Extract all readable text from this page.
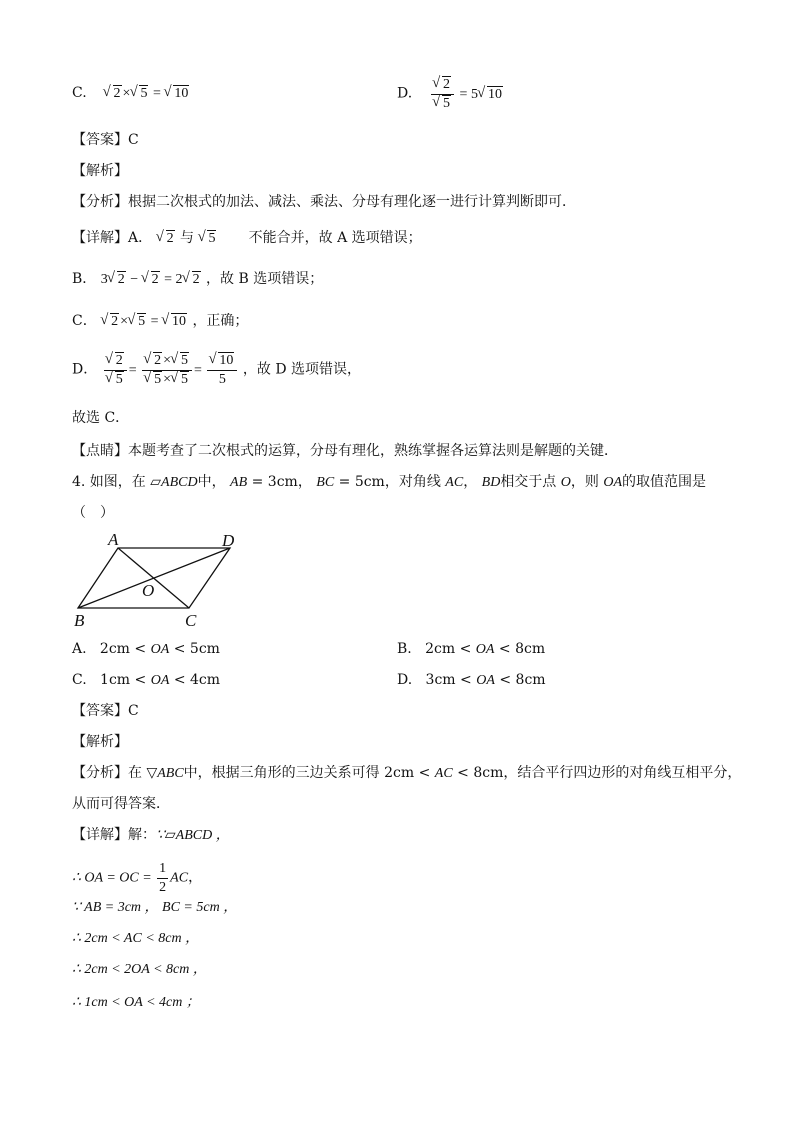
C. √ 2 × √ 5 = √ 10	D. √ 2
√ 5 = 5 √ 10
【答案】C
【解析】
【分析】根据二次根式的加法、减法、乘法、分母有理化逐一进行计算判断即可．
【详解】A． √ 2 与 √ 5 不能合并，故 A 选项错误；
B． 3 √ 2 − √ 2 = 2 √ 2 ，故 B 选项错误；
C． √ 2 × √ 5 = √ 10 ，正确；
D． √ 2
√ 5 = √ 2 × √ 5
√ 5 × √ 5 = √ $\frac{10}{5}$ ，故 D 选项错误，
故选 C．
【点睛】本题考查了二次根式的运算，分母有理化，熟练掌握各运算法则是解题的关键．
4. 如图，在 ▱ABCD中， AB = 3cm， BC = 5cm，对角线 AC， BD相交于点 O，则 OA的取值范围是
（　）
A	D
B	C
O
A. 2cm < OA < 5cm	B. 2cm < OA < 8cm
C. 1cm < OA < 4cm	D. 3cm < OA < 8cm
【答案】C
【解析】
【分析】在 ▽ABC中，根据三角形的三边关系可得 2cm < AC < 8cm，结合平行四边形的对角线互相平分，
从而可得答案．
【详解】解：∵▱ABCD ，
∴ OA = OC = $\frac{1}{2}$ AC，
∵ AB = 3cm ， BC = 5cm ，
∴ 2cm < AC < 8cm ，
∴ 2cm < 2OA < 8cm ，
∴ 1cm < OA < 4cm ；
